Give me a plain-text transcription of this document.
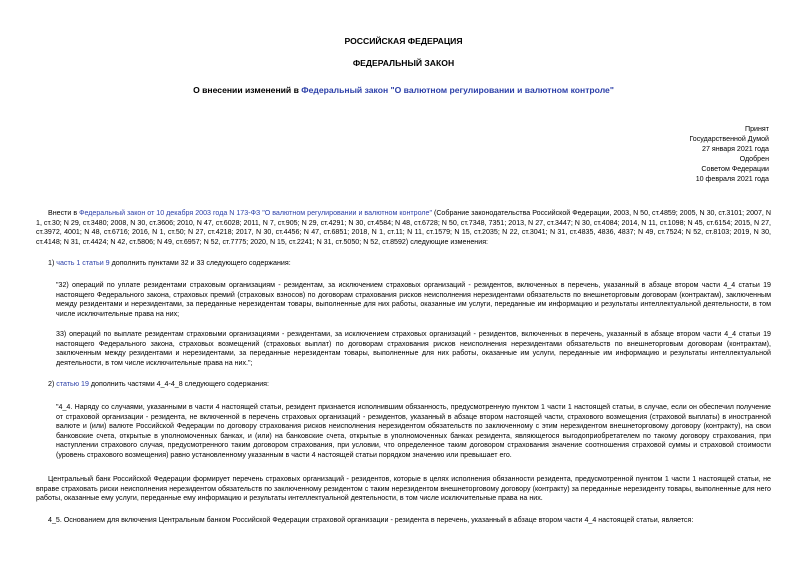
РОССИЙСКАЯ ФЕДЕРАЦИЯ
ФЕДЕРАЛЬНЫЙ ЗАКОН
О внесении изменений в Федеральный закон "О валютном регулировании и валютном контроле"
Принят
Государственной Думой
27 января 2021 года
Одобрен
Советом Федерации
10 февраля 2021 года
Внести в Федеральный закон от 10 декабря 2003 года N 173-ФЗ "О валютном регулировании и валютном контроле" (Собрание законодательства Российской Федерации, 2003, N 50, ст.4859; 2005, N 30, ст.3101; 2007, N 1, ст.30; N 29, ст.3480; 2008, N 30, ст.3606; 2010, N 47, ст.6028; 2011, N 7, ст.905; N 29, ст.4291; N 30, ст.4584; N 48, ст.6728; N 50, ст.7348, 7351; 2013, N 27, ст.3447; N 30, ст.4084; 2014, N 11, ст.1098; N 45, ст.6154; 2015, N 27, ст.3972, 4001; N 48, ст.6716; 2016, N 1, ст.50; N 27, ст.4218; 2017, N 30, ст.4456; N 47, ст.6851; 2018, N 1, ст.11; N 11, ст.1579; N 15, ст.2035; N 22, ст.3041; N 31, ст.4835, 4836, 4837; N 49, ст.7524; N 52, ст.8103; 2019, N 30, ст.4148; N 31, ст.4424; N 42, ст.5806; N 49, ст.6957; N 52, ст.7775; 2020, N 15, ст.2241; N 31, ст.5050; N 52, ст.8592) следующие изменения:
1) часть 1 статьи 9 дополнить пунктами 32 и 33 следующего содержания:
"32) операций по уплате резидентами страховым организациям - резидентам, за исключением страховых организаций - резидентов, включенных в перечень, указанный в абзаце втором части 4_4 статьи 19 настоящего Федерального закона, страховых премий (страховых взносов) по договорам страхования рисков неисполнения нерезидентами обязательств по внешнеторговым договорам (контрактам), заключенным между резидентами и нерезидентами, за переданные нерезидентам товары, выполненные для них работы, оказанные им услуги, переданные им информацию и результаты интеллектуальной деятельности, в том числе исключительные права на них;
33) операций по выплате резидентам страховыми организациями - резидентами, за исключением страховых организаций - резидентов, включенных в перечень, указанный в абзаце втором части 4_4 статьи 19 настоящего Федерального закона, страховых возмещений (страховых выплат) по договорам страхования рисков неисполнения нерезидентами обязательств по внешнеторговым договорам (контрактам), заключенным между резидентами и нерезидентами, за переданные нерезидентам товары, выполненные для них работы, оказанные им услуги, переданные им информацию и результаты интеллектуальной деятельности, в том числе исключительные права на них.";
2) статью 19 дополнить частями 4_4-4_8 следующего содержания:
"4_4. Наряду со случаями, указанными в части 4 настоящей статьи, резидент признается исполнившим обязанность, предусмотренную пунктом 1 части 1 настоящей статьи, в случае, если он обеспечил получение от страховой организации - резидента, не включенной в перечень страховых организаций - резидентов, указанный в абзаце втором настоящей части, страхового возмещения (страховой выплаты) в иностранной валюте и (или) валюте Российской Федерации по договору страхования рисков неисполнения нерезидентом обязательств по заключенному с этим нерезидентом внешнеторговому договору (контракту), на свои банковские счета, открытые в уполномоченных банках, и (или) на банковские счета, открытые в уполномоченных банках резидента, являющегося выгодоприобретателем по такому договору страхования, при наступлении страхового случая, предусмотренного таким договором страхования, при условии, что определенное таким договором страхования значение соотношения страховой суммы и страховой стоимости (уровень страхового возмещения) равно установленному указанным в части 4 настоящей статьи порядком значению или превышает его.
Центральный банк Российской Федерации формирует перечень страховых организаций - резидентов, которые в целях исполнения обязанности резидента, предусмотренной пунктом 1 части 1 настоящей статьи, не вправе страховать риски неисполнения нерезидентом обязательств по заключенному резидентом с таким нерезидентом внешнеторговому договору (контракту) за переданные нерезиденту товары, выполненные для него работы, оказанные ему услуги, переданные ему информацию и результаты интеллектуальной деятельности, в том числе исключительные права на них.
4_5. Основанием для включения Центральным банком Российской Федерации страховой организации - резидента в перечень, указанный в абзаце втором части 4_4 настоящей статьи, является:
